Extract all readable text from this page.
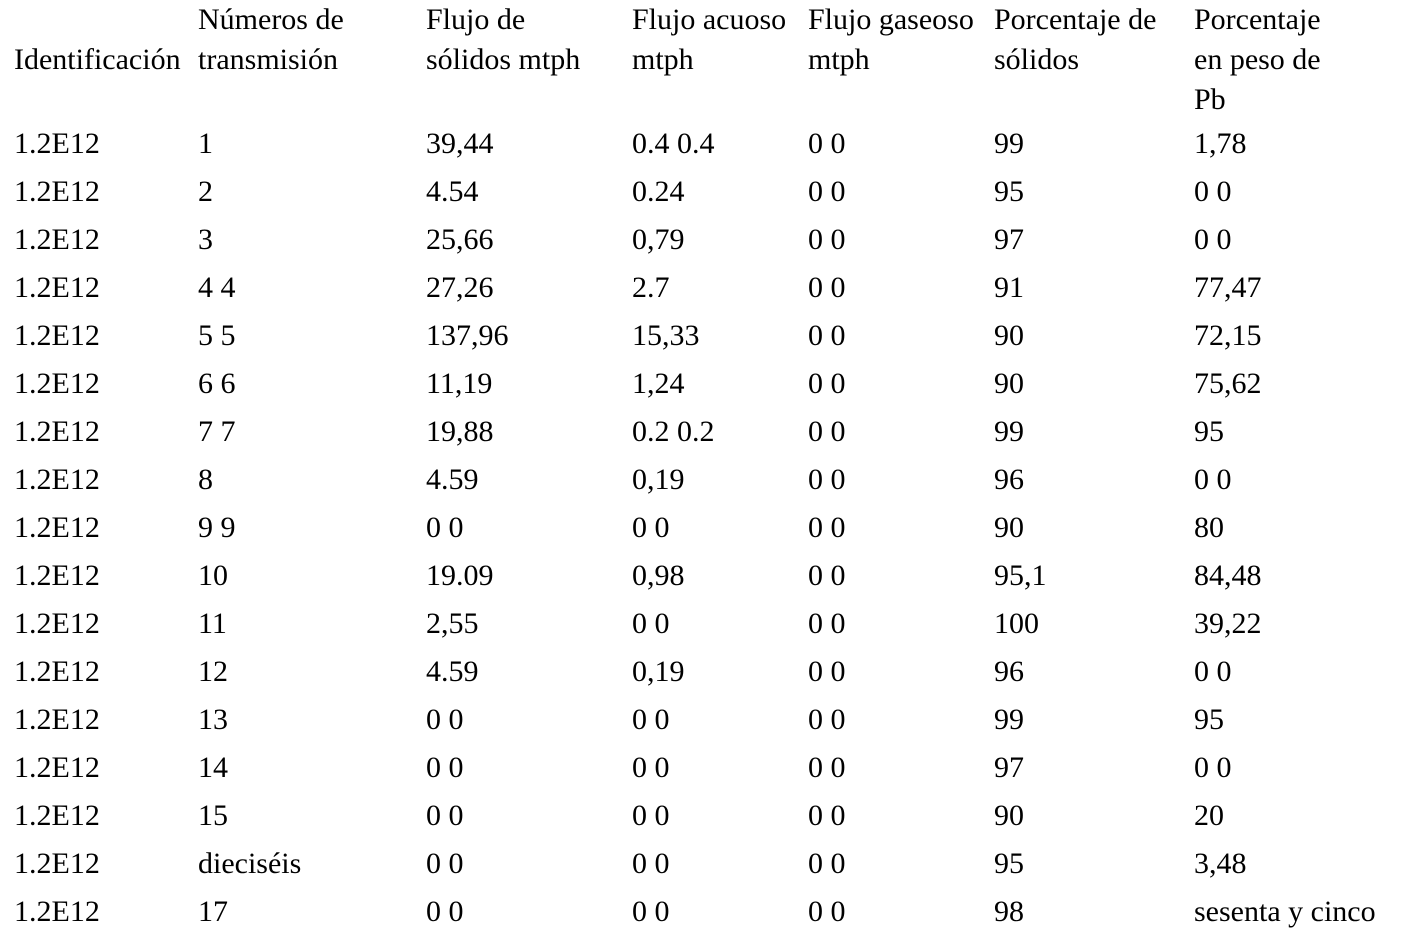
Identificación	Números de transmisión	Flujo de sólidos mtph	Flujo acuoso mtph	Flujo gaseoso mtph	Porcentaje de sólidos	Porcentaje en peso de Pb

1.2E12	1	39,44	0.4 0.4	0 0	99	1,78
1.2E12	2	4.54	0.24	0 0	95	0 0
1.2E12	3	25,66	0,79	0 0	97	0 0
1.2E12	4 4	27,26	2.7	0 0	91	77,47
1.2E12	5 5	137,96	15,33	0 0	90	72,15
1.2E12	6 6	11,19	1,24	0 0	90	75,62
1.2E12	7 7	19,88	0.2 0.2	0 0	99	95
1.2E12	8	4.59	0,19	0 0	96	0 0
1.2E12	9 9	0 0	0 0	0 0	90	80
1.2E12	10	19.09	0,98	0 0	95,1	84,48
1.2E12	11	2,55	0 0	0 0	100	39,22
1.2E12	12	4.59	0,19	0 0	96	0 0
1.2E12	13	0 0	0 0	0 0	99	95
1.2E12	14	0 0	0 0	0 0	97	0 0
1.2E12	15	0 0	0 0	0 0	90	20
1.2E12	dieciséis	0 0	0 0	0 0	95	3,48
1.2E12	17	0 0	0 0	0 0	98	sesenta y cinco
